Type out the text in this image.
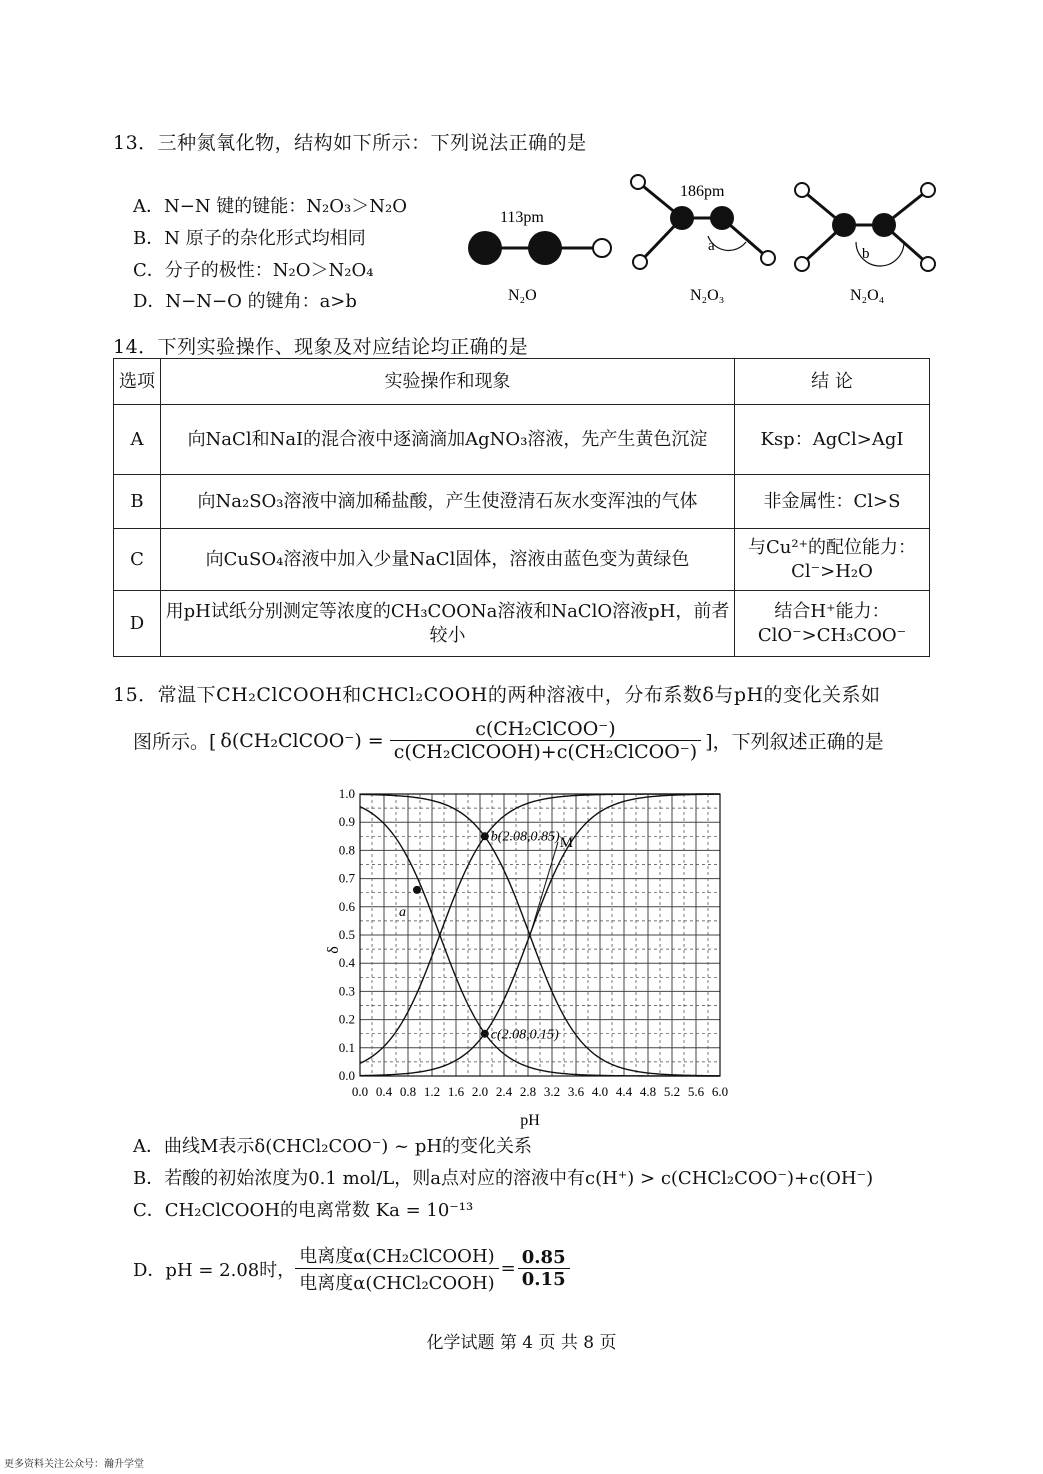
13．三种氮氧化物，结构如下所示：下列说法正确的是
A．N−N 键的键能：N₂O₃＞N₂O
B．N 原子的杂化形式均相同
C．分子的极性：N₂O＞N₂O₄
D．N−N−O 的键角：a>b
113pm
N₂O
186pm
a
N₂O₃
b
N₂O₄
14．下列实验操作、现象及对应结论均正确的是
选项	实验操作和现象	结 论
A	向NaCl和NaI的混合液中逐滴滴加AgNO₃溶液，先产生黄色沉淀	Ksp：AgCl>AgI
B	向Na₂SO₃溶液中滴加稀盐酸，产生使澄清石灰水变浑浊的气体	非金属性：Cl>S
C	向CuSO₄溶液中加入少量NaCl固体，溶液由蓝色变为黄绿色	与Cu²⁺的配位能力：Cl⁻>H₂O
D	用pH试纸分别测定等浓度的CH₃COONa溶液和NaClO溶液pH，前者较小	结合H⁺能力：ClO⁻>CH₃COO⁻
15．常温下CH₂ClCOOH和CHCl₂COOH的两种溶液中，分布系数δ与pH的变化关系如
图所示。[ δ(CH₂ClCOO⁻) = $\frac{\text{c(CH₂ClCOO⁻)}}{\text{c(CH₂ClCOOH)+c(CH₂ClCOO⁻)}}$ ]，下列叙述正确的是
0.0 0.4 0.8 1.2 1.6 2.0 2.4 2.8 3.2 3.6 4.0 4.4 4.8 5.2 5.6 6.0
0.0
0.1
0.2
0.3
0.4
0.5
0.6
0.7
0.8
0.9
1.0
M
a
b(2.08,0.85)
c(2.08,0.15)
δ
pH
A．曲线M表示δ(CHCl₂COO⁻) ~ pH的变化关系
B．若酸的初始浓度为0.1 mol/L，则a点对应的溶液中有c(H⁺) > c(CHCl₂COO⁻)+c(OH⁻)
C．CH₂ClCOOH的电离常数 Ka = 10⁻¹³
D．pH = 2.08时， $\frac{\text{电离度α(CH₂ClCOOH)}}{\text{电离度α(CHCl₂COOH)}} = \frac{0.85}{0.15}$
化学试题 第 4 页 共 8 页
更多资料关注公众号：瀚升学堂
